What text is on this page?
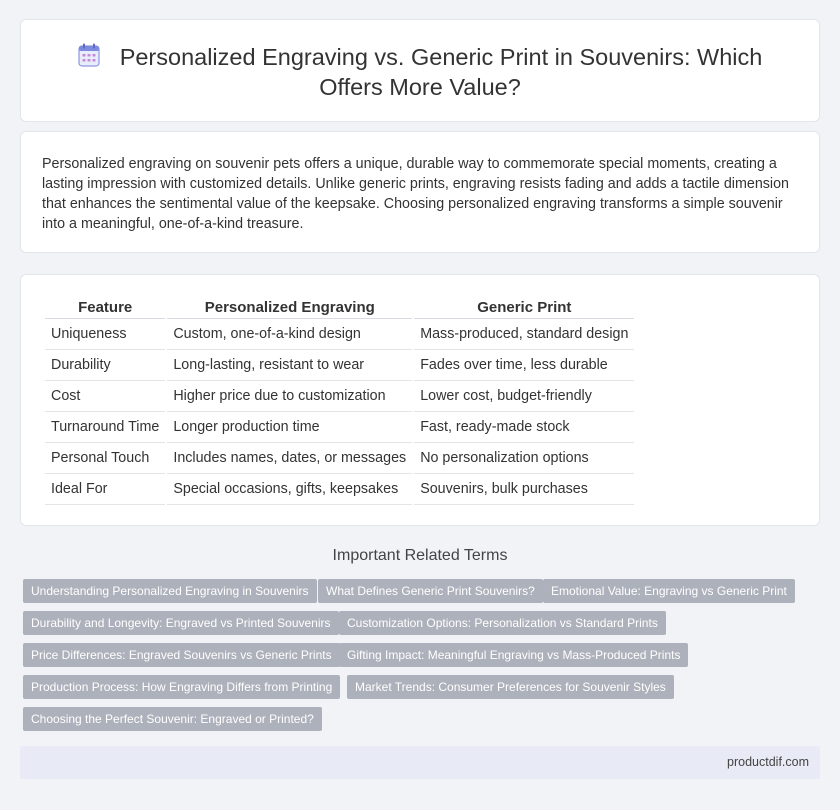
Personalized Engraving vs. Generic Print in Souvenirs: Which
Offers More Value?

Personalized engraving on souvenir pets offers a unique, durable way to commemorate special moments, creating a lasting impression with customized details. Unlike generic prints, engraving resists fading and adds a tactile dimension that enhances the sentimental value of the keepsake. Choosing personalized engraving transforms a simple souvenir into a meaningful, one-of-a-kind treasure.

Feature	Personalized Engraving	Generic Print
Uniqueness	Custom, one-of-a-kind design	Mass-produced, standard design
Durability	Long-lasting, resistant to wear	Fades over time, less durable
Cost	Higher price due to customization	Lower cost, budget-friendly
Turnaround Time	Longer production time	Fast, ready-made stock
Personal Touch	Includes names, dates, or messages	No personalization options
Ideal For	Special occasions, gifts, keepsakes	Souvenirs, bulk purchases
Important Related Terms
Understanding Personalized Engraving in Souvenirs	What Defines Generic Print Souvenirs?	Emotional Value: Engraving vs Generic Print
Durability and Longevity: Engraved vs Printed Souvenirs	Customization Options: Personalization vs Standard Prints
Price Differences: Engraved Souvenirs vs Generic Prints	Gifting Impact: Meaningful Engraving vs Mass-Produced Prints
Production Process: How Engraving Differs from Printing	Market Trends: Consumer Preferences for Souvenir Styles
Choosing the Perfect Souvenir: Engraved or Printed?
productdif.com
